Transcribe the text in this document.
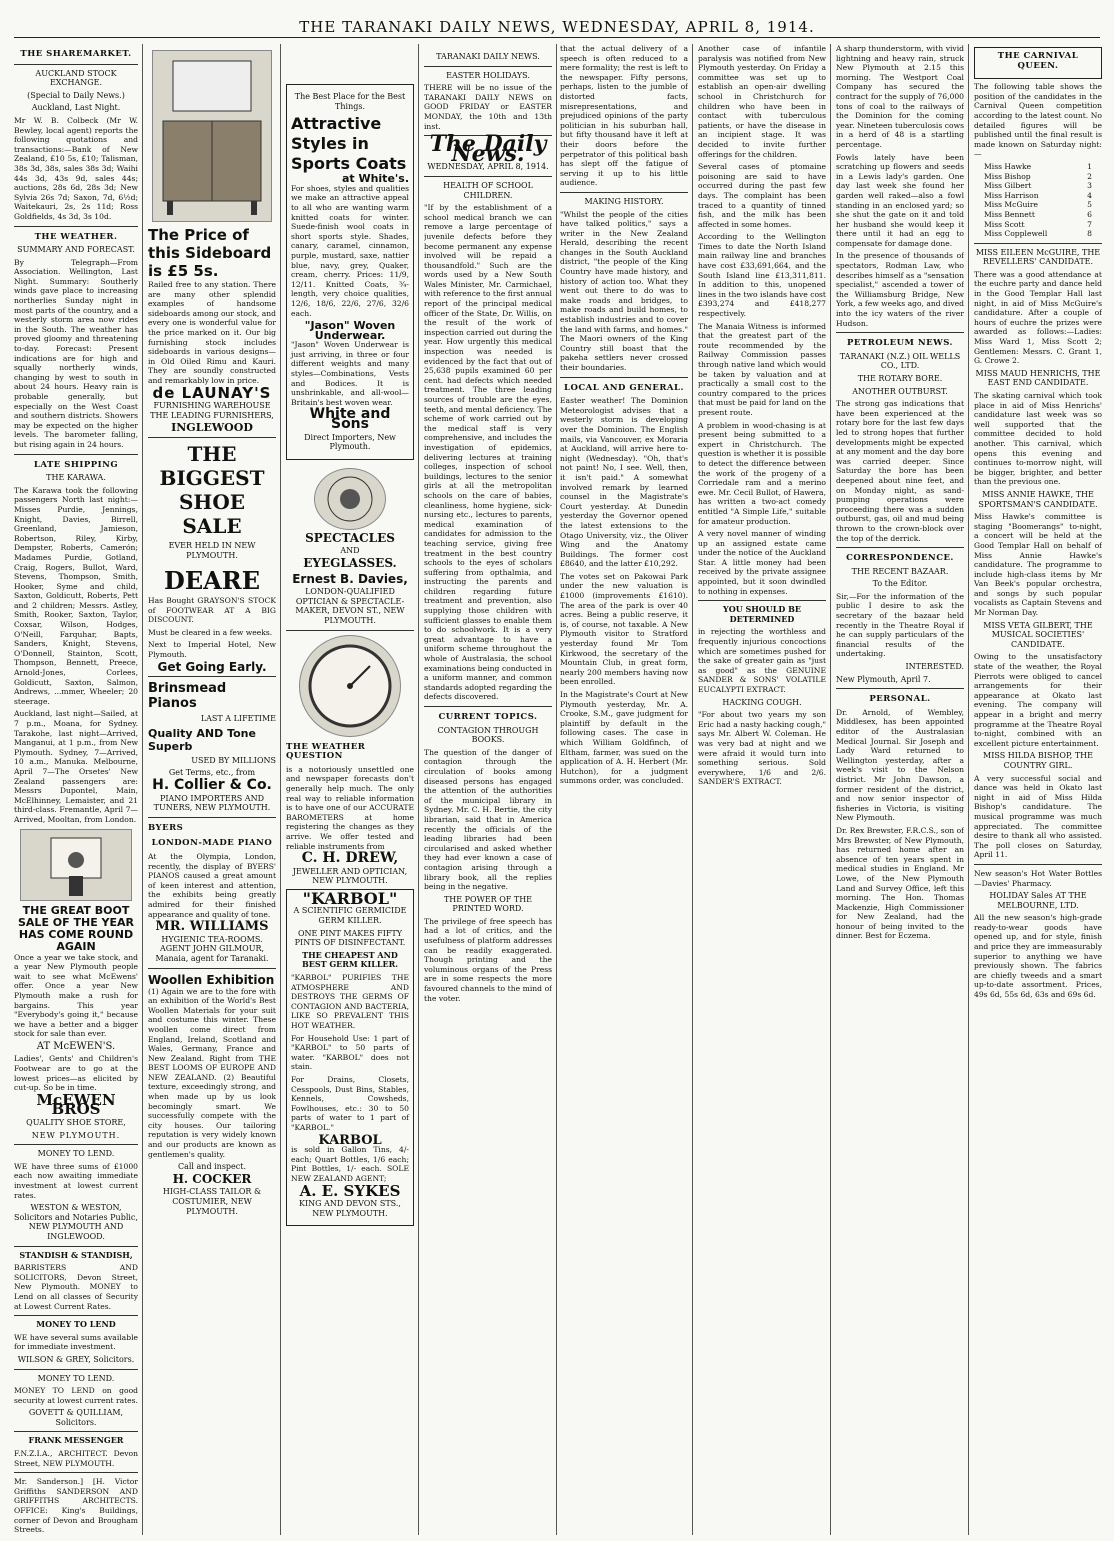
THE TARANAKI DAILY NEWS, WEDNESDAY, APRIL 8, 1914.
THE SHAREMARKET.
AUCKLAND STOCK EXCHANGE.
(Special to Daily News.)
Auckland, Last Night.

Mr W. B. Colbeck (Mr W. Bewley, local agent) reports the following quotations and transactions:—Bank of New Zealand, £10 5s, £10; Talisman, 38s 3d, 38s, sales 38s 3d; Waihi 44s 3d, 43s 9d, sales 44s; auctions, 28s 6d, 28s 3d; New Sylvia 26s 7d; Saxon, 7d, 6½d; Waitekauri, 2s, 2s 11d; Ross Goldfields, 4s 3d, 3s 10d.

THE WEATHER.
SUMMARY AND FORECAST.

By Telegraph—From Association. Wellington, Last Night. Summary: Southerly winds gave place to increasing northerlies Sunday night in most parts of the country, and a westerly storm area now rides in the South. The weather has proved gloomy and threatening to-day. Forecast: Present indications are for high and squally northerly winds, changing by west to south in about 24 hours. Heavy rain is probable generally, but especially on the West Coast and southern districts. Showers may be expected on the higher levels. The barometer falling, but rising again in 24 hours.

LATE SHIPPING
THE KARAWA.

The Karawa took the following passengers North last night:—Misses Purdie, Jennings, Knight, Davies, Birrell, Greenland, Jamieson, Robertson, Riley, Kirby, Dempster, Roberts, Camerón; Madames Purdie, Gotland, Craig, Rogers, Bullot, Ward, Stevens, Thompson, Smith, Hooker, Syme and child, Saxton, Goldicutt, Roberts, Pett and 2 children; Messrs. Astley, Smith, Rooker, Saxton, Taylor, Coxsar, Wilson, Hodges, O'Neill, Farquhar, Bapts, Sanders, Knight, Stevens, O'Donnell, Stainton, Scott, Thompson, Bennett, Preece, Arnold-Jones, Corlees, Goldicutt, Saxton, Salmon, Andrews, ...mmer, Wheeler; 20 steerage.

Auckland, last night—Sailed, at 7 p.m., Moana, for Sydney. Tarakohe, last night—Arrived, Manganui, at 1 p.m., from New Plymouth. Sydney, 7—Arrived, 10 a.m., Manuka. Melbourne, April 7—The Orsetes' New Zealand passengers are: Messrs Dupontel, Main, McElhinney, Lemaister, and 21 third-class. Fremantle, April 7—Arrived, Mooltan, from London.

THE GREAT BOOT SALE OF THE YEAR HAS COME ROUND AGAIN

Once a year we take stock, and a year New Plymouth people wait to see what McEwens' offer. Once a year New Plymouth make a rush for bargains. This year "Everybody's going it," because we have a better and a bigger stock for sale than ever.

AT McEWEN'S.

Ladies', Gents' and Children's Footwear are to go at the lowest prices—as elicited by cut-up. So be in time.

McEWEN BROS
QUALITY SHOE STORE,
NEW PLYMOUTH.
MONEY TO LEND.

WE have three sums of £1000 each now awaiting immediate investment at lowest current rates.

WESTON & WESTON, Solicitors and Notaries Public, NEW PLYMOUTH AND INGLEWOOD.
STANDISH & STANDISH,

BARRISTERS AND SOLICITORS, Devon Street, New Plymouth. MONEY to Lend on all classes of Security at Lowest Current Rates.

MONEY TO LEND

WE have several sums available for immediate investment.

WILSON & GREY, Solicitors.
MONEY TO LEND.

MONEY TO LEND on good security at lowest current rates.

GOVETT & QUILLIAM, Solicitors.
FRANK MESSENGER

F.N.Z.I.A., ARCHITECT. Devon Street, NEW PLYMOUTH.

Mr. Sanderson.] [H. Victor Griffiths SANDERSON AND GRIFFITHS ARCHITECTS. OFFICE: King's Buildings, corner of Devon and Brougham Streets.

The Price of this Sideboard is £5 5s.

Railed free to any station. There are many other splendid examples of handsome sideboards among our stock, and every one is wonderful value for the price marked on it. Our big furnishing stock includes sideboards in various designs—in Old Oiled Rimu and Kauri. They are soundly constructed and remarkably low in price.

de LAUNAY'S
FURNISHING WAREHOUSE THE LEADING FURNISHERS,
INGLEWOOD
THE
BIGGEST
SHOE
SALE
EVER HELD IN NEW PLYMOUTH.
DEARE

Has Bought GRAYSON'S STOCK of FOOTWEAR AT A BIG DISCOUNT.

Must be cleared in a few weeks.

Next to Imperial Hotel, New Plymouth.

Get Going Early.
Brinsmead Pianos
LAST A LIFETIME
Quality AND Tone Superb
USED BY MILLIONS
Get Terms, etc., from
H. Collier & Co.
PIANO IMPORTERS AND TUNERS, NEW PLYMOUTH.
BYERS
LONDON-MADE PIANO

At the Olympia, London, recently, the display of BYERS' PIANOS caused a great amount of keen interest and attention, the exhibits being greatly admired for their finished appearance and quality of tone.

MR. WILLIAMS
HYGIENIC TEA-ROOMS. AGENT JOHN GILMOUR, Manaia, agent for Taranaki.
Woollen Exhibition

(1) Again we are to the fore with an exhibition of the World's Best Woollen Materials for your suit and costume this winter. These woollen come direct from England, Ireland, Scotland and Wales, Germany, France and New Zealand. Right from THE BEST LOOMS OF EUROPE AND NEW ZEALAND. (2) Beautiful texture, exceedingly strong, and when made up by us look becomingly smart. We successfully compete with the city houses. Our tailoring reputation is very widely known and our products are known as gentlemen's quality.

Call and inspect.
H. COCKER
HIGH-CLASS TAILOR & COSTUMIER, NEW PLYMOUTH.
The Best Place for the Best Things.
Attractive Styles in Sports Coats
at White's.

For shoes, styles and qualities we make an attractive appeal to all who are wanting warm knitted coats for winter. Suede-finish wool coats in short sports style. Shades, canary, caramel, cinnamon, purple, mustard, saxe, nattier blue, navy, grey, Quaker, cream, cherry. Prices: 11/9, 12/11. Knitted Coats, ¾-length, very choice qualities, 12/6, 18/6, 22/6, 27/6, 32/6 each.

"Jason" Woven Underwear.

"Jason" Woven Underwear is just arriving, in three or four different weights and many styles—Combinations, Vests and Bodices. It is unshrinkable, and all-wool—Britain's best woven wear.

White and Sons
Direct Importers, New Plymouth.
SPECTACLES
AND
EYEGLASSES.
Ernest B. Davies,
LONDON-QUALIFIED OPTICIAN & SPECTACLE-MAKER, DEVON ST., NEW PLYMOUTH.
THE WEATHER QUESTION

is a notoriously unsettled one and newspaper forecasts don't generally help much. The only real way to reliable information is to have one of our ACCURATE BAROMETERS at home registering the changes as they arrive. We offer tested and reliable instruments from

C. H. DREW,
JEWELLER AND OPTICIAN, NEW PLYMOUTH.
"KARBOL"
A SCIENTIFIC GERMICIDE GERM KILLER.
ONE PINT MAKES FIFTY PINTS OF DISINFECTANT.
THE CHEAPEST AND BEST GERM KILLER.

"KARBOL" PURIFIES THE ATMOSPHERE AND DESTROYS THE GERMS OF CONTAGION AND BACTERIA, LIKE SO PREVALENT THIS HOT WEATHER.

For Household Use: 1 part of "KARBOL" to 50 parts of water. "KARBOL" does not stain.

For Drains, Closets, Cesspools, Dust Bins, Stables, Kennels, Cowsheds, Fowlhouses, etc.: 30 to 50 parts of water to 1 part of "KARBOL."

KARBOL

is sold in Gallon Tins, 4/- each; Quart Bottles, 1/6 each; Pint Bottles, 1/- each. SOLE NEW ZEALAND AGENT;

A. E. SYKES
KING AND DEVON STS., NEW PLYMOUTH.
TARANAKI DAILY NEWS.
EASTER HOLIDAYS.

THERE will be no issue of the TARANAKI DAILY NEWS on GOOD FRIDAY or EASTER MONDAY, the 10th and 13th inst.

The Daily News.
WEDNESDAY, APRIL 8, 1914.
HEALTH OF SCHOOL CHILDREN.

"If by the establishment of a school medical branch we can remove a large percentage of juvenile defects before they become permanent any expense involved will be repaid a thousandfold." Such are the words used by a New South Wales Minister, Mr. Carmichael, with reference to the first annual report of the principal medical officer of the State, Dr. Willis, on the result of the work of inspection carried out during the year. How urgently this medical inspection was needed is evidenced by the fact that out of 25,638 pupils examined 60 per cent. had defects which needed treatment. The three leading sources of trouble are the eyes, teeth, and mental deficiency. The scheme of work carried out by the medical staff is very comprehensive, and includes the investigation of epidemics, delivering lectures at training colleges, inspection of school buildings, lectures to the senior girls at all the metropolitan schools on the care of babies, cleanliness, home hygiene, sick-nursing etc., lectures to parents, medical examination of candidates for admission to the teaching service, giving free treatment in the best country schools to the eyes of scholars suffering from opthalmia, and instructing the parents and children regarding future treatment and prevention, also supplying those children with sufficient glasses to enable them to do schoolwork. It is a very great advantage to have a uniform scheme throughout the whole of Australasia, the school examinations being conducted in a uniform manner, and common standards adopted regarding the defects discovered.

CURRENT TOPICS.
CONTAGION THROUGH BOOKS.

The question of the danger of contagion through the circulation of books among diseased persons has engaged the attention of the authorities of the municipal library in Sydney. Mr. C. H. Bertie, the city librarian, said that in America recently the officials of the leading libraries had been circularised and asked whether they had ever known a case of contagion arising through a library book, all the replies being in the negative.

THE POWER OF THE PRINTED WORD.

The privilege of free speech has had a lot of critics, and the usefulness of platform addresses can be readily exaggerated. Though printing and the voluminous organs of the Press are in some respects the more favoured channels to the mind of the voter.

that the actual delivery of a speech is often reduced to a mere formality; the rest is left to the newspaper. Fifty persons, perhaps, listen to the jumble of distorted facts, misrepresentations, and prejudiced opinions of the party politician in his suburban hall, but fifty thousand have it left at their doors before the perpetrator of this political bash has slept off the fatigue of serving it up to his little audience.

MAKING HISTORY.

"Whilst the people of the cities have talked politics," says a writer in the New Zealand Herald, describing the recent changes in the South Auckland district, "the people of the King Country have made history, and history of action too. What they went out there to do was to make roads and bridges, to make roads and build homes, to establish industries and to cover the land with farms, and homes." The Maori owners of the King Country still boast that the pakeha settlers never crossed their boundaries.

LOCAL AND GENERAL.

Easter weather! The Dominion Meteorologist advises that a westerly storm is developing over the Dominion. The English mails, via Vancouver, ex Moraria at Auckland, will arrive here to-night (Wednesday). "Oh, that's not paint! No, I see. Well, then, it isn't paid." A somewhat involved remark by learned counsel in the Magistrate's Court yesterday. At Dunedin yesterday the Governor opened the latest extensions to the Otago University, viz., the Oliver Wing and the Anatomy Buildings. The former cost £8640, and the latter £10,292.

The votes set on Pakowai Park under the new valuation is £1000 (improvements £1610). The area of the park is over 40 acres. Being a public reserve, it is, of course, not taxable. A New Plymouth visitor to Stratford yesterday found Mr Tom Kirkwood, the secretary of the Mountain Club, in great form, nearly 200 members having now been enrolled.

In the Magistrate's Court at New Plymouth yesterday, Mr. A. Crooke, S.M., gave judgment for plaintiff by default in the following cases. The case in which William Goldfinch, of Eltham, farmer, was sued on the application of A. H. Herbert (Mr. Hutchon), for a judgment summons order, was concluded.

Another case of infantile paralysis was notified from New Plymouth yesterday. On Friday a committee was set up to establish an open-air dwelling school in Christchurch for children who have been in contact with tuberculous patients, or have the disease in an incipient stage. It was decided to invite further offerings for the children.

Several cases of ptomaine poisoning are said to have occurred during the past few days. The complaint has been traced to a quantity of tinned fish, and the milk has been affected in some homes.

According to the Wellington Times to date the North Island main railway line and branches have cost £33,691,664, and the South Island line £13,311,811. In addition to this, unopened lines in the two islands have cost £393,274 and £418,277 respectively.

The Manaia Witness is informed that the greatest part of the route recommended by the Railway Commission passes through native land which would be taken by valuation and at practically a small cost to the country compared to the prices that must be paid for land on the present route.

A problem in wood-chasing is at present being submitted to a expert in Christchurch. The question is whether it is possible to detect the difference between the work of the progeny of a Corriedale ram and a merino ewe. Mr. Cecil Bullot, of Hawera, has written a two-act comedy entitled "A Simple Life," suitable for amateur production.

A very novel manner of winding up an assigned estate came under the notice of the Auckland Star. A little money had been received by the private assignee appointed, but it soon dwindled to nothing in expenses.

YOU SHOULD BE DETERMINED

in rejecting the worthless and frequently injurious concoctions which are sometimes pushed for the sake of greater gain as "just as good" as the GENUINE SANDER & SONS' VOLATILE EUCALYPTI EXTRACT.

HACKING COUGH.

"For about two years my son Eric had a nasty hacking cough," says Mr. Albert W. Coleman. He was very bad at night and we were afraid it would turn into something serious. Sold everywhere, 1/6 and 2/6. SANDER'S EXTRACT.

A sharp thunderstorm, with vivid lightning and heavy rain, struck New Plymouth at 2.15 this morning. The Westport Coal Company has secured the contract for the supply of 76,000 tons of coal to the railways of the Dominion for the coming year. Nineteen tuberculosis cows in a herd of 48 is a startling percentage.

Fowls lately have been scratching up flowers and seeds in a Lewis lady's garden. One day last week she found her garden well raked—also a fowl standing in an enclosed yard; so she shut the gate on it and told her husband she would keep it there until it had an egg to compensate for damage done.

In the presence of thousands of spectators, Rodman Law, who describes himself as a "sensation specialist," ascended a tower of the Williamsburg Bridge, New York, a few weeks ago, and dived into the icy waters of the river Hudson.

PETROLEUM NEWS.
TARANAKI (N.Z.) OIL WELLS CO., LTD.
THE ROTARY BORE.
ANOTHER OUTBURST.

The strong gas indications that have been experienced at the rotary bore for the last few days led to strong hopes that further developments might be expected at any moment and the day bore was carried deeper. Since Saturday the bore has been deepened about nine feet, and on Monday night, as sand-pumping operations were proceeding there was a sudden outburst, gas, oil and mud being thrown to the crown-block over the top of the derrick.

CORRESPONDENCE.
THE RECENT BAZAAR.
To the Editor.

Sir,—For the information of the public I desire to ask the secretary of the bazaar held recently in the Theatre Royal if he can supply particulars of the financial results of the undertaking.

INTERESTED.
New Plymouth, April 7.
PERSONAL.

Dr. Arnold, of Wembley, Middlesex, has been appointed editor of the Australasian Medical Journal. Sir Joseph and Lady Ward returned to Wellington yesterday, after a week's visit to the Nelson district. Mr John Dawson, a former resident of the district, and now senior inspector of fisheries in Victoria, is visiting New Plymouth.

Dr. Rex Brewster, F.R.C.S., son of Mrs Brewster, of New Plymouth, has returned home after an absence of ten years spent in medical studies in England. Mr Lowe, of the New Plymouth Land and Survey Office, left this morning. The Hon. Thomas Mackenzie, High Commissioner for New Zealand, had the honour of being invited to the dinner. Best for Eczema.

THE CARNIVAL QUEEN.

The following table shows the position of the candidates in the Carnival Queen competition according to the latest count. No detailed figures will be published until the final result is made known on Saturday night:—

Miss Hawke	1
Miss Bishop	2
Miss Gilbert	3
Miss Harrison	4
Miss McGuire	5
Miss Bennett	6
Miss Scott	7
Miss Copplewell	8
MISS EILEEN McGUIRE, THE REVELLERS' CANDIDATE.

There was a good attendance at the euchre party and dance held in the Good Templar Hall last night, in aid of Miss McGuire's candidature. After a couple of hours of euchre the prizes were awarded as follows:—Ladies: Miss Ward 1, Miss Scott 2; Gentlemen: Messrs. C. Grant 1, G. Crowe 2.

MISS MAUD HENRICHS, THE EAST END CANDIDATE.

The skating carnival which took place in aid of Miss Henrichs' candidature last week was so well supported that the committee decided to hold another. This carnival, which opens this evening and continues to-morrow night, will be bigger, brighter, and better than the previous one.

MISS ANNIE HAWKE, THE SPORTSMAN'S CANDIDATE.

Miss Hawke's committee is staging "Boomerangs" to-night, a concert will be held at the Good Templar Hall on behalf of Miss Annie Hawke's candidature. The programme to include high-class items by Mr Van Beek's popular orchestra, and songs by such popular vocalists as Captain Stevens and Mr Norman Day.

MISS VETA GILBERT, THE MUSICAL SOCIETIES' CANDIDATE.

Owing to the unsatisfactory state of the weather, the Royal Pierrots were obliged to cancel arrangements for their appearance at Okato last evening. The company will appear in a bright and merry programme at the Theatre Royal to-night, combined with an excellent picture entertainment.

MISS HILDA BISHOP, THE COUNTRY GIRL.

A very successful social and dance was held in Okato last night in aid of Miss Hilda Bishop's candidature. The musical programme was much appreciated. The committee desire to thank all who assisted. The poll closes on Saturday, April 11.

New season's Hot Water Bottles—Davies' Pharmacy.

HOLIDAY Sales AT THE MELBOURNE, LTD.

All the new season's high-grade ready-to-wear goods have opened up, and for style, finish and price they are immeasurably superior to anything we have previously shown. The fabrics are chiefly tweeds and a smart up-to-date assortment. Prices, 49s 6d, 55s 6d, 63s and 69s 6d.
